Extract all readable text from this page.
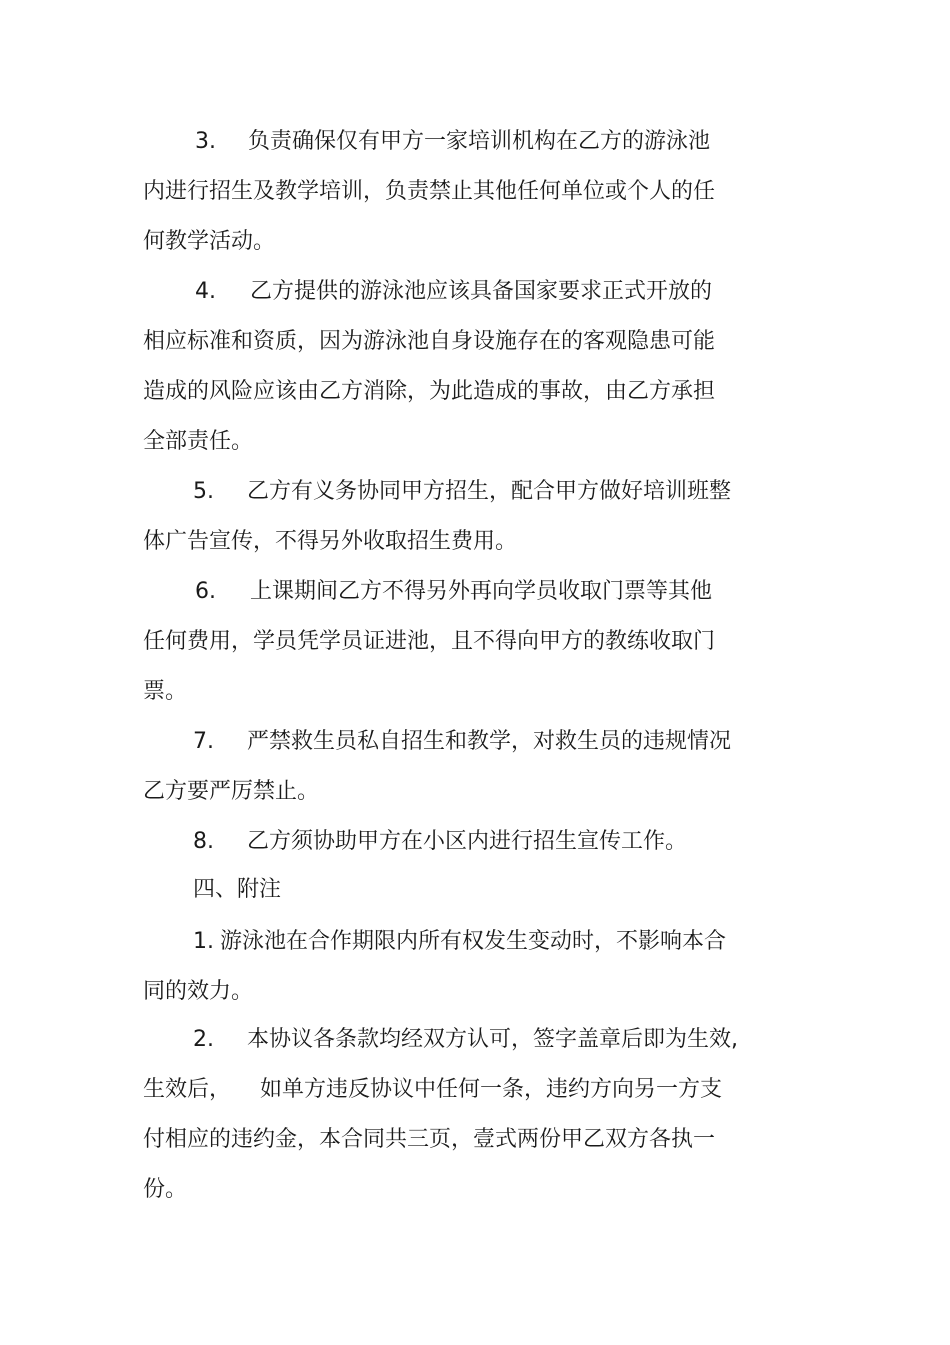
3. 负责确保仅有甲方一家培训机构在乙方的游泳池
内进行招生及教学培训，负责禁止其他任何单位或个人的任
何教学活动。
4. 乙方提供的游泳池应该具备国家要求正式开放的
相应标准和资质，因为游泳池自身设施存在的客观隐患可能
造成的风险应该由乙方消除，为此造成的事故，由乙方承担
全部责任。
5. 乙方有义务协同甲方招生，配合甲方做好培训班整
体广告宣传，不得另外收取招生费用。
6. 上课期间乙方不得另外再向学员收取门票等其他
任何费用，学员凭学员证进池，且不得向甲方的教练收取门
票。
7. 严禁救生员私自招生和教学，对救生员的违规情况
乙方要严厉禁止。
8. 乙方须协助甲方在小区内进行招生宣传工作。
四、附注
1. 游泳池在合作期限内所有权发生变动时，不影响本合
同的效力。
2. 本协议各条款均经双方认可，签字盖章后即为生效,
生效后， 如单方违反协议中任何一条，违约方向另一方支
付相应的违约金，本合同共三页，壹式两份甲乙双方各执一
份。
